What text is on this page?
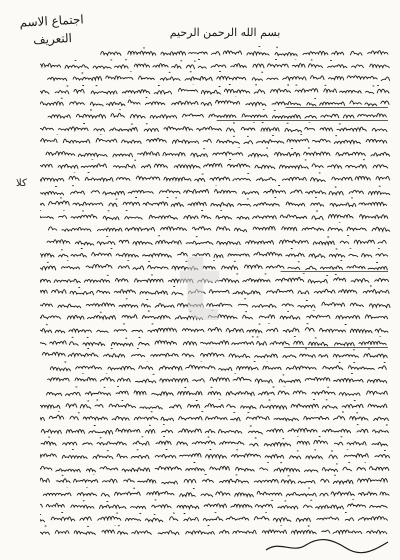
اجتماع الاسم
التعريف	بسم الله الرحمن الرحيم
كلا
t
